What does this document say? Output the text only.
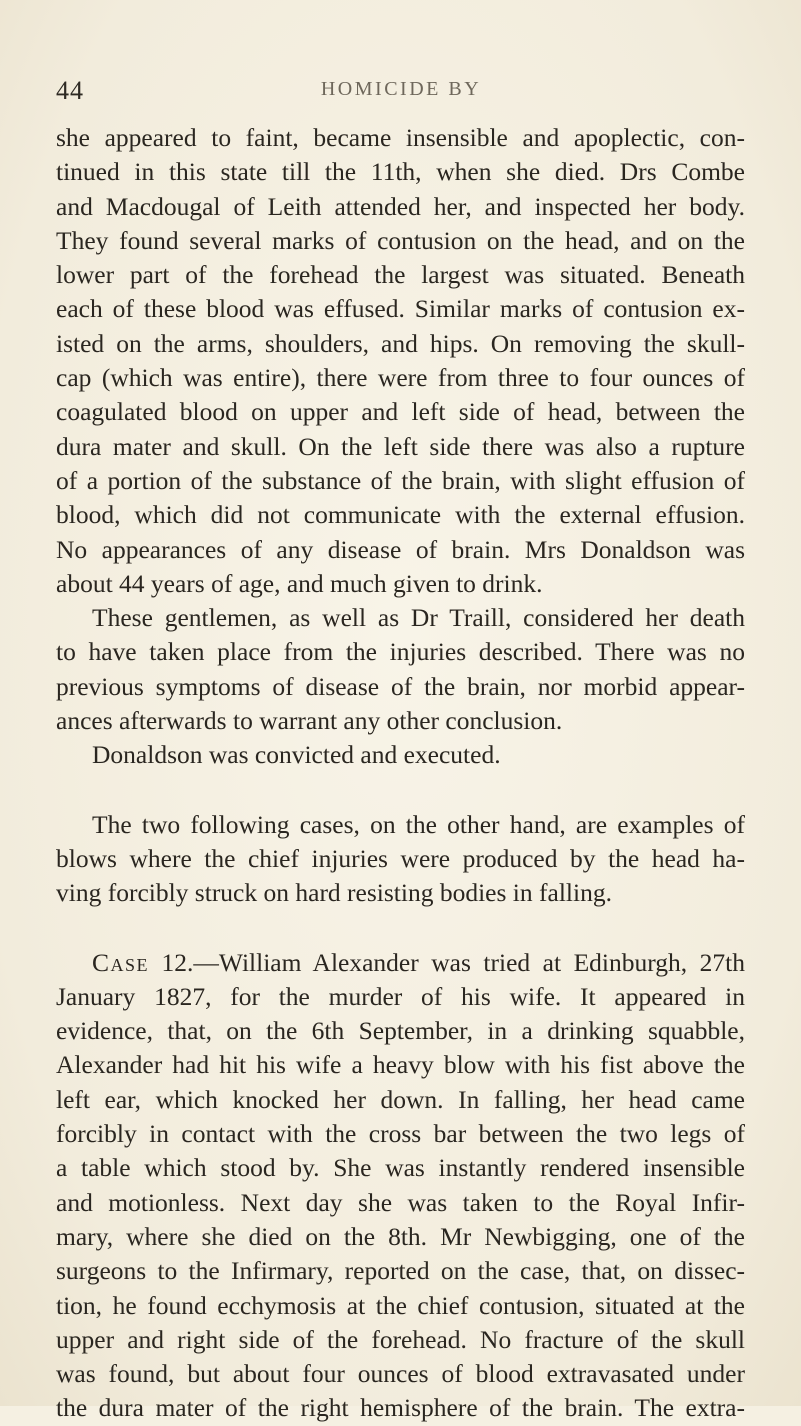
44	HOMICIDE BY
she appeared to faint, became insensible and apoplectic, con-
tinued in this state till the 11th, when she died. Drs Combe
and Macdougal of Leith attended her, and inspected her body.
They found several marks of contusion on the head, and on the
lower part of the forehead the largest was situated. Beneath
each of these blood was effused. Similar marks of contusion ex-
isted on the arms, shoulders, and hips. On removing the skull-
cap (which was entire), there were from three to four ounces of
coagulated blood on upper and left side of head, between the
dura mater and skull. On the left side there was also a rupture
of a portion of the substance of the brain, with slight effusion of
blood, which did not communicate with the external effusion.
No appearances of any disease of brain. Mrs Donaldson was
about 44 years of age, and much given to drink.
These gentlemen, as well as Dr Traill, considered her death
to have taken place from the injuries described. There was no
previous symptoms of disease of the brain, nor morbid appear-
ances afterwards to warrant any other conclusion.
Donaldson was convicted and executed.
The two following cases, on the other hand, are examples of
blows where the chief injuries were produced by the head ha-
ving forcibly struck on hard resisting bodies in falling.
Case 12.—William Alexander was tried at Edinburgh, 27th
January 1827, for the murder of his wife. It appeared in
evidence, that, on the 6th September, in a drinking squabble,
Alexander had hit his wife a heavy blow with his fist above the
left ear, which knocked her down. In falling, her head came
forcibly in contact with the cross bar between the two legs of
a table which stood by. She was instantly rendered insensible
and motionless. Next day she was taken to the Royal Infir-
mary, where she died on the 8th. Mr Newbigging, one of the
surgeons to the Infirmary, reported on the case, that, on dissec-
tion, he found ecchymosis at the chief contusion, situated at the
upper and right side of the forehead. No fracture of the skull
was found, but about four ounces of blood extravasated under
the dura mater of the right hemisphere of the brain. The extra-
